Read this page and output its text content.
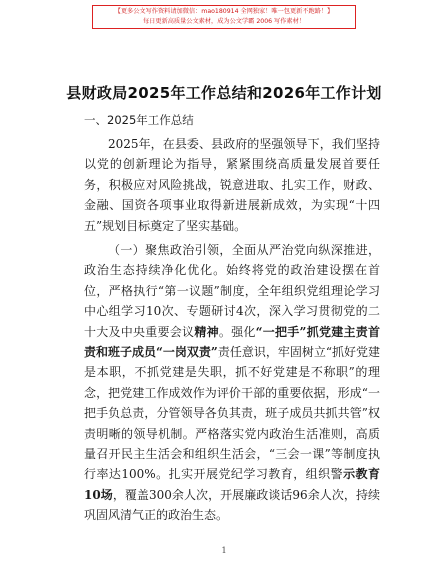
【更多公文写作资料请加微信：mao180914 全网独家！唯一包更新不跑路！】
每日更新高质量公文素材，成为公文学霸 2006 写作素材！
县财政局2025年工作总结和2026年工作计划
一、2025年工作总结
2025年，在县委、县政府的坚强领导下，我们坚持以党的创新理论为指导，紧紧围绕高质量发展首要任务，积极应对风险挑战，锐意进取、扎实工作，财政、金融、国资各项事业取得新进展新成效，为实现“十四五”规划目标奠定了坚实基础。
（一）聚焦政治引领，全面从严治党向纵深推进，政治生态持续净化优化。始终将党的政治建设摆在首位，严格执行“第一议题”制度，全年组织党组理论学习中心组学习10次、专题研讨4次，深入学习贯彻党的二十大及中央重要会议精神。强化“一把手”抓党建主责首责和班子成员“一岗双责”责任意识，牢固树立“抓好党建是本职，不抓党建是失职，抓不好党建是不称职”的理念，把党建工作成效作为评价干部的重要依据，形成“一把手负总责，分管领导各负其责，班子成员共抓共管”权责明晰的领导机制。严格落实党内政治生活准则，高质量召开民主生活会和组织生活会，“三会一课”等制度执行率达100%。扎实开展党纪学习教育，组织警示教育10场，覆盖300余人次，开展廉政谈话96余人次，持续巩固风清气正的政治生态。
1
